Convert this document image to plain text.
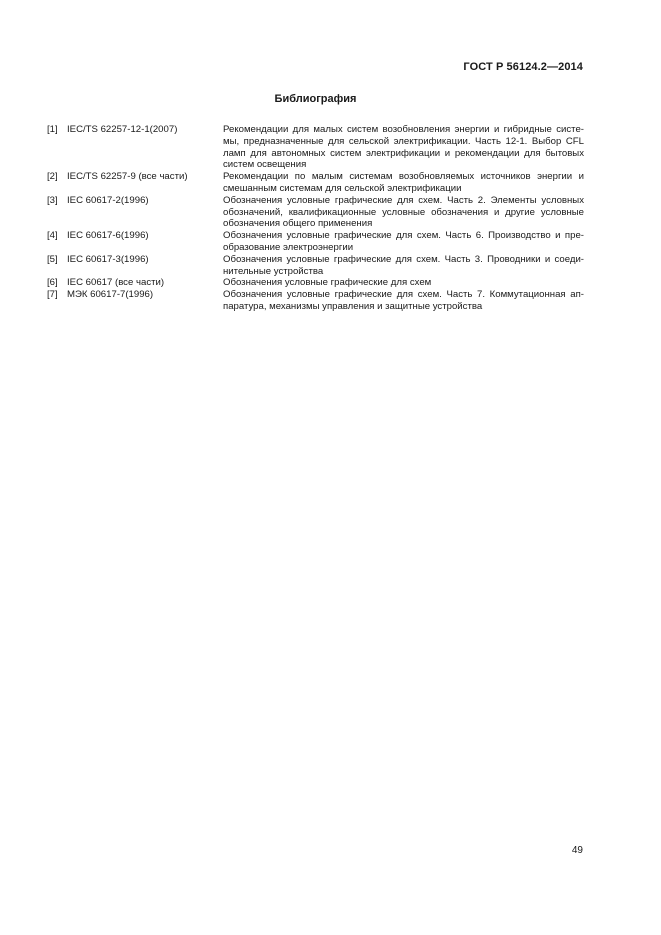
ГОСТ Р 56124.2—2014
Библиография
[1] IEC/TS 62257-12-1(2007)	Рекомендации для малых систем возобновления энергии и гибридные систе-
мы, предназначенные для сельской электрификации. Часть 12-1. Выбор CFL
ламп для автономных систем электрификации и рекомендации для бытовых
систем освещения
[2] IEC/TS 62257-9 (все части)	Рекомендации по малым системам возобновляемых источников энергии и
смешанным системам для сельской электрификации
[3] IEC 60617-2(1996)	Обозначения условные графические для схем. Часть 2. Элементы условных
обозначений, квалификационные условные обозначения и другие условные
обозначения общего применения
[4] IEC 60617-6(1996)	Обозначения условные графические для схем. Часть 6. Производство и пре-
образование электроэнергии
[5] IEC 60617-3(1996)	Обозначения условные графические для схем. Часть 3. Проводники и соеди-
нительные устройства
[6] IEC 60617 (все части)	Обозначения условные графические для схем
[7] МЭК 60617-7(1996)	Обозначения условные графические для схем. Часть 7. Коммутационная ап-
паратура, механизмы управления и защитные устройства
49
